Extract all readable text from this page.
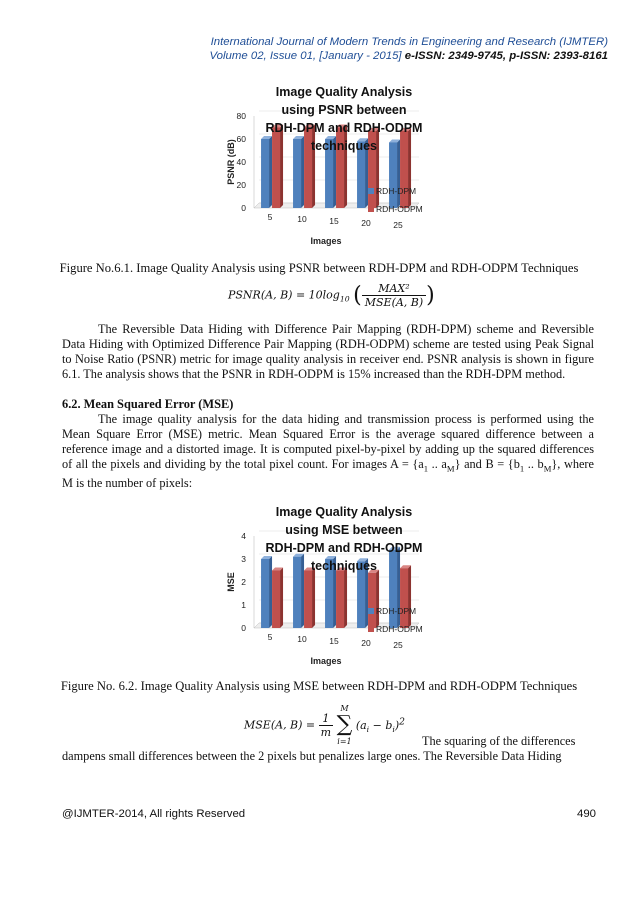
International Journal of Modern Trends in Engineering and Research (IJMTER)
Volume 02, Issue 01, [January - 2015] e-ISSN: 2349-9745, p-ISSN: 2393-8161
0
20
40
60
80
5	10	15	20	25
Images
PSNR (dB)
RDH-DPM
RDH-ODPM
Image Quality Analysis
using PSNR between
RDH-DPM and RDH-ODPM
techniques
Figure No.6.1. Image Quality Analysis using PSNR between RDH-DPM and RDH-ODPM Techniques
PSNR(A, $B) = 10\log_{10}$ (	MAX²
MSE(A, B) )
The Reversible Data Hiding with Difference Pair Mapping (RDH-DPM) scheme and Reversible Data Hiding with Optimized Difference Pair Mapping (RDH-ODPM) scheme are tested using Peak Signal to Noise Ratio (PSNR) metric for image quality analysis in receiver end. PSNR analysis is shown in figure 6.1. The analysis shows that the PSNR in RDH-ODPM is 15% increased than the RDH-DPM method.
6.2. Mean Squared Error (MSE)
The image quality analysis for the data hiding and transmission process is performed using the Mean Square Error (MSE) metric. Mean Squared Error is the average squared difference between a reference image and a distorted image. It is computed pixel-by-pixel by adding up the squared differences of all the pixels and dividing by the total pixel count. For images $A = \{a_1$ .. $a_M$} and $B = \{b_1$ .. $b_M$}, where M is the number of pixels:
0
1
2
3
4
5	10	15	20	25
Images
MSE
RDH-DPM
RDH-ODPM
Image Quality Analysis
using MSE between
RDH-DPM and RDH-ODPM
techniques
Figure No. 6.2. Image Quality Analysis using MSE between RDH-DPM and RDH-ODPM Techniques
MSE(A, $B) = \frac{1}{m}$

M
∑
i=1
$(a_i - b_i)^2$
The squaring of the differences
dampens small differences between the 2 pixels but penalizes large ones. The Reversible Data Hiding
@IJMTER-2014, All rights Reserved	490
